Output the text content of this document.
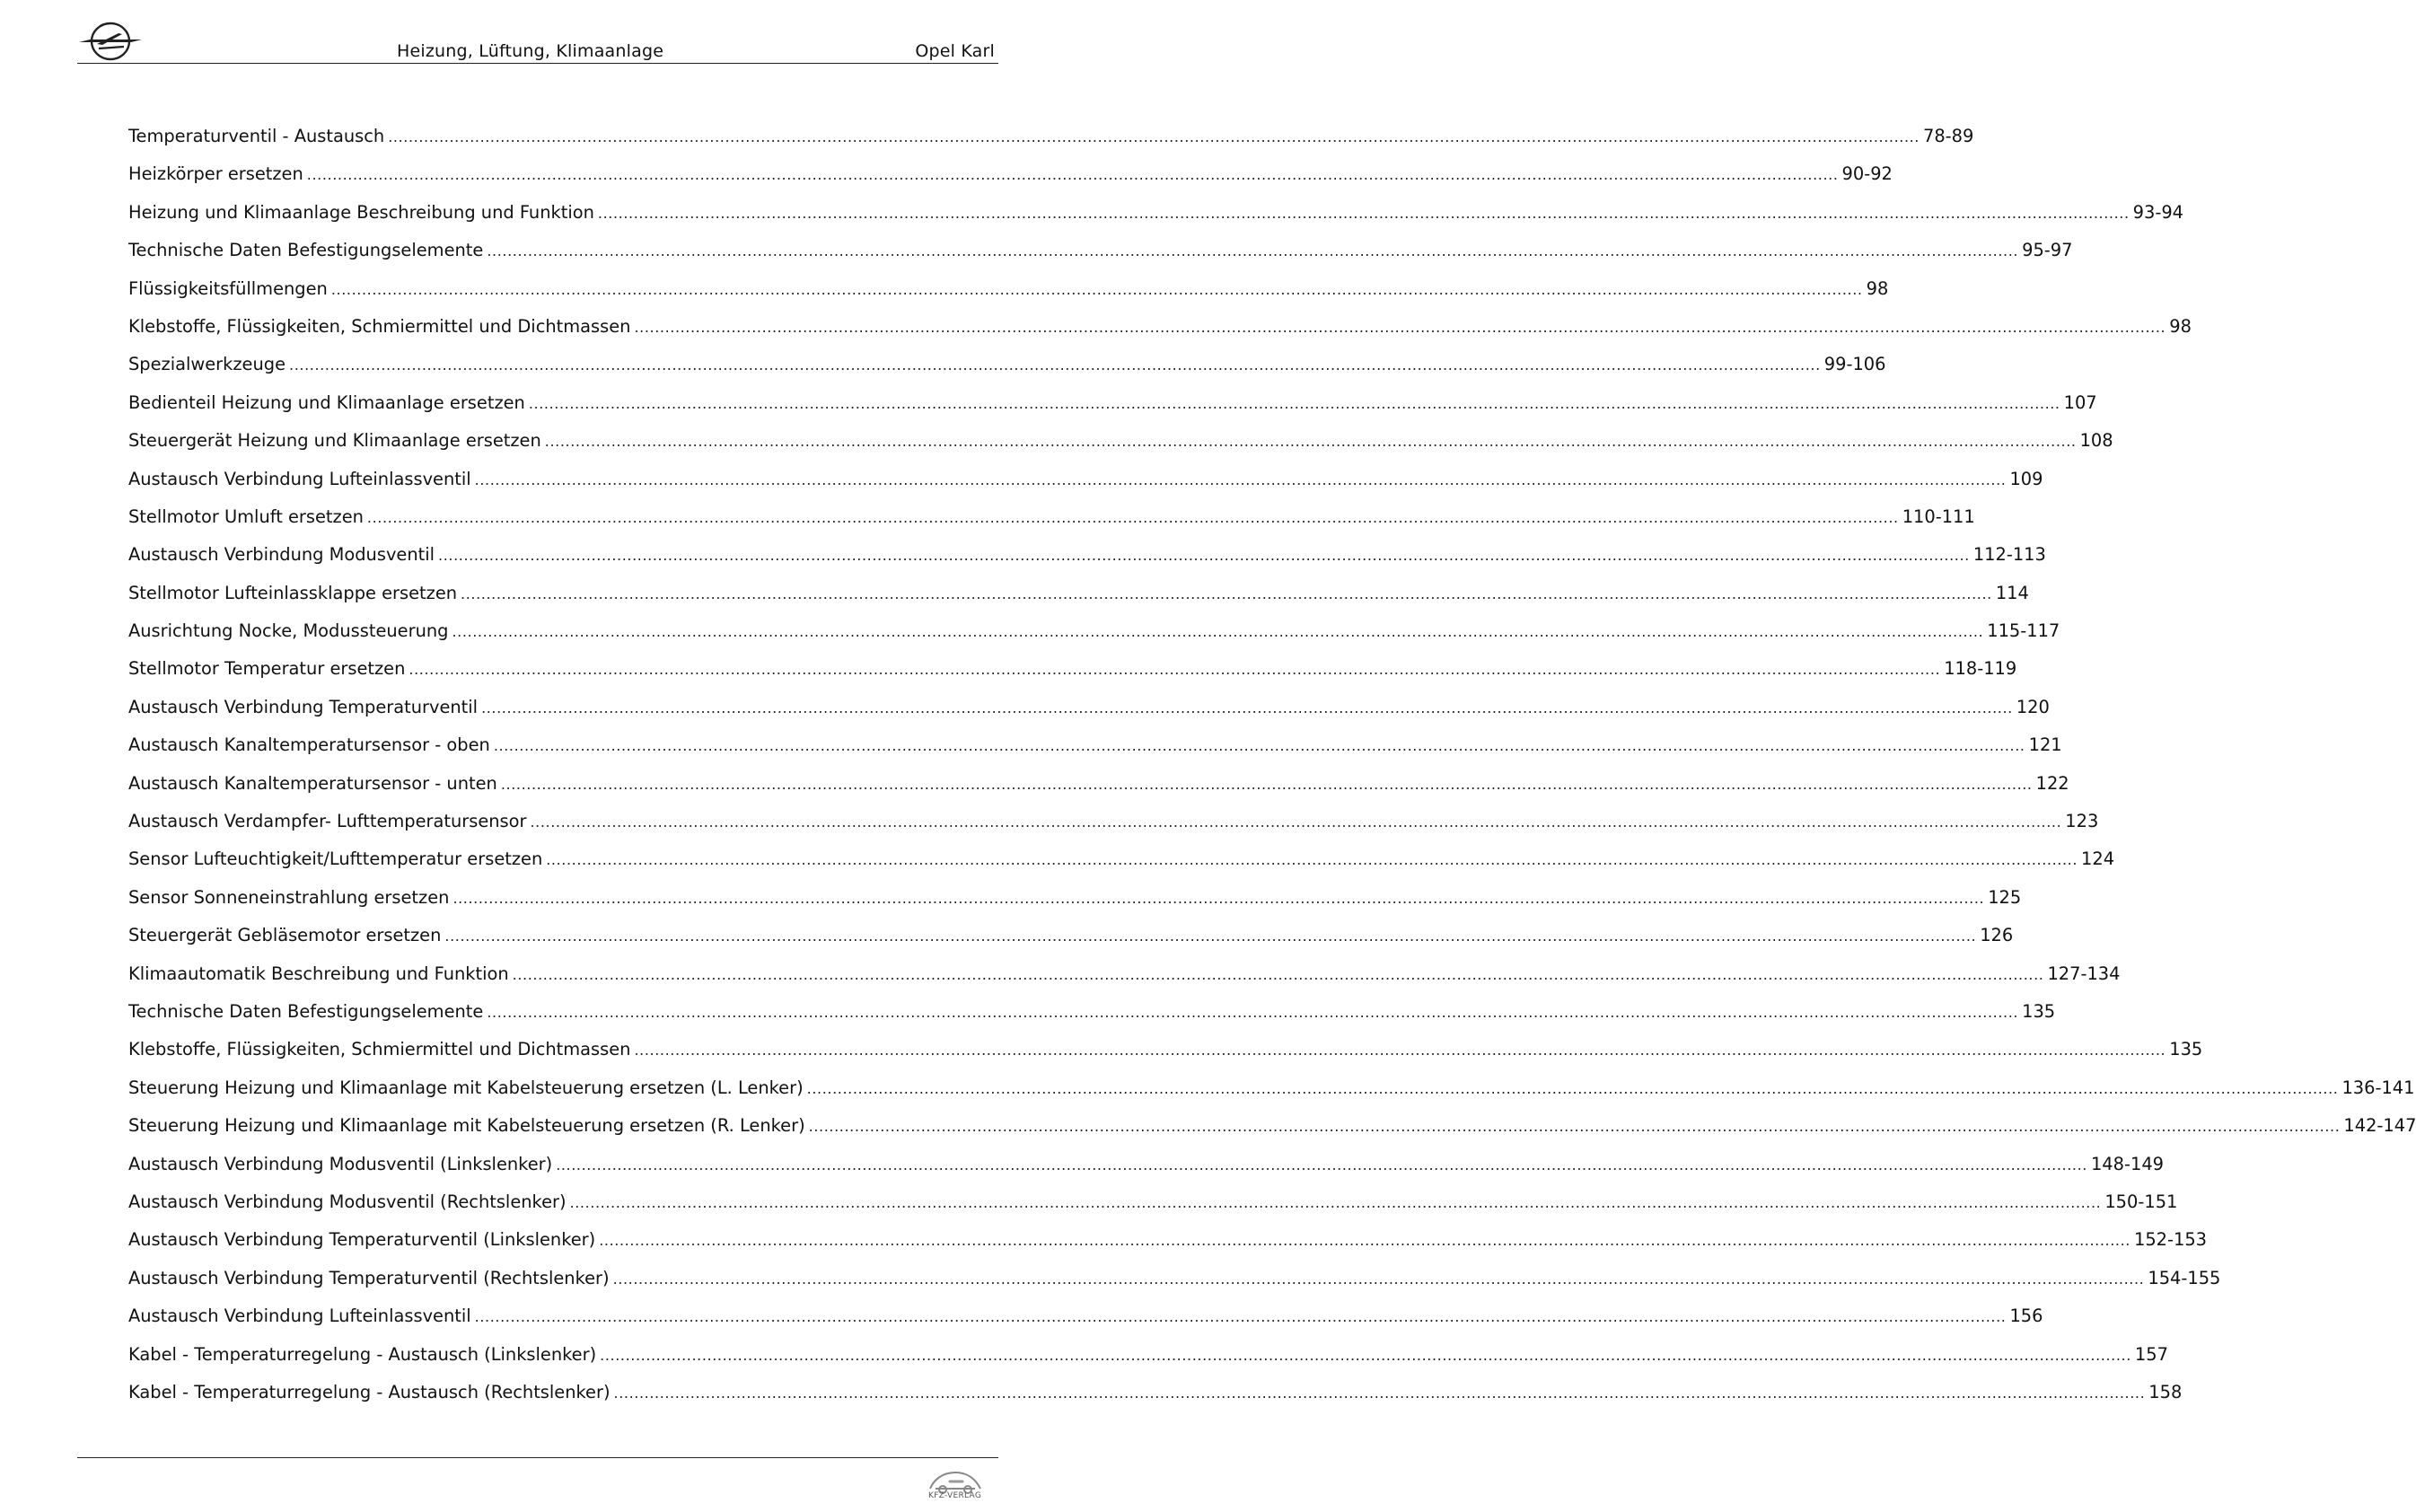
Heizung, Lüftung, Klimaanlage	Opel Karl
Temperaturventil - Austausch ............................................................................................................................................................................................................................................................................................................ 78-89
Heizkörper ersetzen ............................................................................................................................................................................................................................................................................................................ 90-92
Heizung und Klimaanlage Beschreibung und Funktion ............................................................................................................................................................................................................................................................................................................ 93-94
Technische Daten Befestigungselemente ............................................................................................................................................................................................................................................................................................................ 95-97
Flüssigkeitsfüllmengen ............................................................................................................................................................................................................................................................................................................ 98
Klebstoffe, Flüssigkeiten, Schmiermittel und Dichtmassen ............................................................................................................................................................................................................................................................................................................ 98
Spezialwerkzeuge ............................................................................................................................................................................................................................................................................................................ 99-106
Bedienteil Heizung und Klimaanlage ersetzen ............................................................................................................................................................................................................................................................................................................ 107
Steuergerät Heizung und Klimaanlage ersetzen ............................................................................................................................................................................................................................................................................................................ 108
Austausch Verbindung Lufteinlassventil ............................................................................................................................................................................................................................................................................................................ 109
Stellmotor Umluft ersetzen ............................................................................................................................................................................................................................................................................................................ 110-111
Austausch Verbindung Modusventil ............................................................................................................................................................................................................................................................................................................ 112-113
Stellmotor Lufteinlassklappe ersetzen ............................................................................................................................................................................................................................................................................................................ 114
Ausrichtung Nocke, Modussteuerung ............................................................................................................................................................................................................................................................................................................ 115-117
Stellmotor Temperatur ersetzen ............................................................................................................................................................................................................................................................................................................ 118-119
Austausch Verbindung Temperaturventil ............................................................................................................................................................................................................................................................................................................ 120
Austausch Kanaltemperatursensor - oben ............................................................................................................................................................................................................................................................................................................ 121
Austausch Kanaltemperatursensor - unten ............................................................................................................................................................................................................................................................................................................ 122
Austausch Verdampfer- Lufttemperatursensor ............................................................................................................................................................................................................................................................................................................ 123
Sensor Lufteuchtigkeit/Lufttemperatur ersetzen ............................................................................................................................................................................................................................................................................................................ 124
Sensor Sonneneinstrahlung ersetzen ............................................................................................................................................................................................................................................................................................................ 125
Steuergerät Gebläsemotor ersetzen ............................................................................................................................................................................................................................................................................................................ 126
Klimaautomatik Beschreibung und Funktion ............................................................................................................................................................................................................................................................................................................ 127-134
Technische Daten Befestigungselemente ............................................................................................................................................................................................................................................................................................................ 135
Klebstoffe, Flüssigkeiten, Schmiermittel und Dichtmassen ............................................................................................................................................................................................................................................................................................................ 135
Steuerung Heizung und Klimaanlage mit Kabelsteuerung ersetzen (L. Lenker) ............................................................................................................................................................................................................................................................................................................ 136-141
Steuerung Heizung und Klimaanlage mit Kabelsteuerung ersetzen (R. Lenker) ............................................................................................................................................................................................................................................................................................................ 142-147
Austausch Verbindung Modusventil (Linkslenker) ............................................................................................................................................................................................................................................................................................................ 148-149
Austausch Verbindung Modusventil (Rechtslenker) ............................................................................................................................................................................................................................................................................................................ 150-151
Austausch Verbindung Temperaturventil (Linkslenker) ............................................................................................................................................................................................................................................................................................................ 152-153
Austausch Verbindung Temperaturventil (Rechtslenker) ............................................................................................................................................................................................................................................................................................................ 154-155
Austausch Verbindung Lufteinlassventil ............................................................................................................................................................................................................................................................................................................ 156
Kabel - Temperaturregelung - Austausch (Linkslenker) ............................................................................................................................................................................................................................................................................................................ 157
Kabel - Temperaturregelung - Austausch (Rechtslenker) ............................................................................................................................................................................................................................................................................................................ 158
KFZ-VERLAG
